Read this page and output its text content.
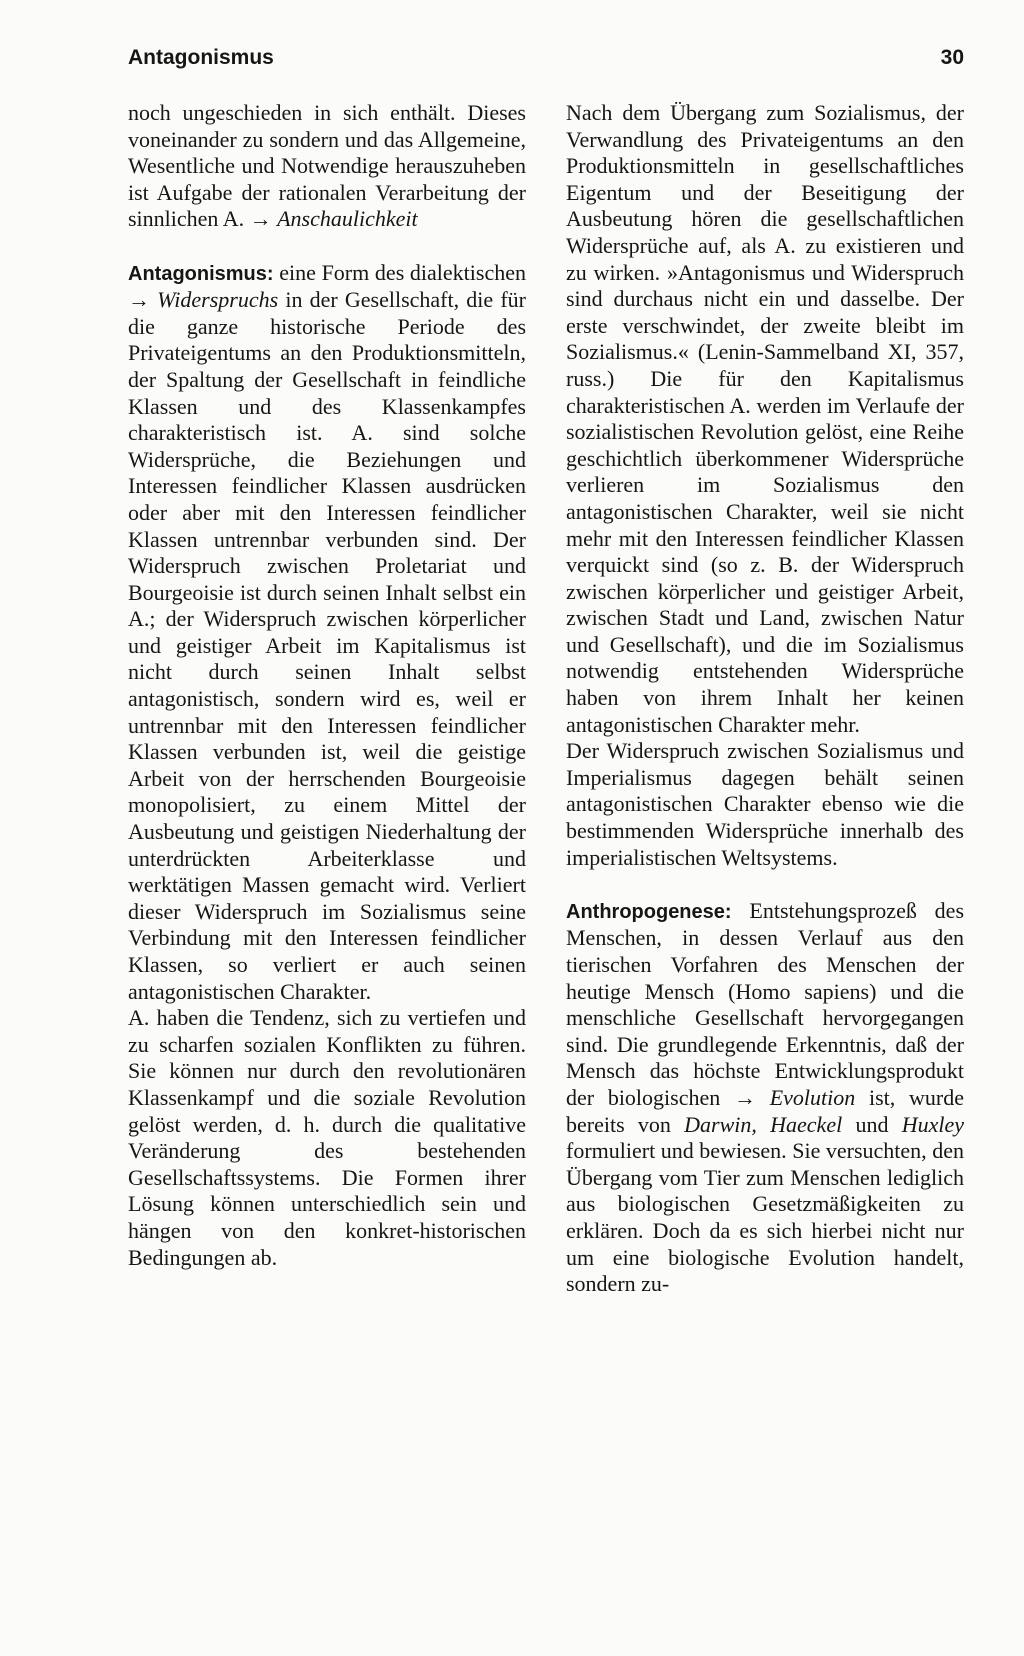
Antagonismus	30

noch ungeschieden in sich enthält. Dieses voneinander zu sondern und das Allgemeine, Wesentliche und Notwendige herauszuheben ist Aufgabe der rationalen Verarbeitung der sinnlichen A. → Anschaulichkeit

Antagonismus: eine Form des dialektischen → Widerspruchs in der Gesellschaft, die für die ganze historische Periode des Privateigentums an den Produktionsmitteln, der Spaltung der Gesellschaft in feindliche Klassen und des Klassenkampfes charakteristisch ist. A. sind solche Widersprüche, die Beziehungen und Interessen feindlicher Klassen ausdrücken oder aber mit den Interessen feindlicher Klassen untrennbar verbunden sind. Der Widerspruch zwischen Proletariat und Bourgeoisie ist durch seinen Inhalt selbst ein A.; der Widerspruch zwischen körperlicher und geistiger Arbeit im Kapitalismus ist nicht durch seinen Inhalt selbst antagonistisch, sondern wird es, weil er untrennbar mit den Interessen feindlicher Klassen verbunden ist, weil die geistige Arbeit von der herrschenden Bourgeoisie monopolisiert, zu einem Mittel der Ausbeutung und geistigen Niederhaltung der unterdrückten Arbeiterklasse und werktätigen Massen gemacht wird. Verliert dieser Widerspruch im Sozialismus seine Verbindung mit den Interessen feindlicher Klassen, so verliert er auch seinen antagonistischen Charakter.

A. haben die Tendenz, sich zu vertiefen und zu scharfen sozialen Konflikten zu führen. Sie können nur durch den revolutionären Klassenkampf und die soziale Revolution gelöst werden, d. h. durch die qualitative Veränderung des bestehenden Gesellschaftssystems. Die Formen ihrer Lösung können unterschiedlich sein und hängen von den konkret-historischen Bedingungen ab.

Nach dem Übergang zum Sozialismus, der Verwandlung des Privateigentums an den Produktionsmitteln in gesellschaftliches Eigentum und der Beseitigung der Ausbeutung hören die gesellschaftlichen Widersprüche auf, als A. zu existieren und zu wirken. »Antagonismus und Widerspruch sind durchaus nicht ein und dasselbe. Der erste verschwindet, der zweite bleibt im Sozialismus.« (Lenin-Sammelband XI, 357, russ.) Die für den Kapitalismus charakteristischen A. werden im Verlaufe der sozialistischen Revolution gelöst, eine Reihe geschichtlich überkommener Widersprüche verlieren im Sozialismus den antagonistischen Charakter, weil sie nicht mehr mit den Interessen feindlicher Klassen verquickt sind (so z. B. der Widerspruch zwischen körperlicher und geistiger Arbeit, zwischen Stadt und Land, zwischen Natur und Gesellschaft), und die im Sozialismus notwendig entstehenden Widersprüche haben von ihrem Inhalt her keinen antagonistischen Charakter mehr.

Der Widerspruch zwischen Sozialismus und Imperialismus dagegen behält seinen antagonistischen Charakter ebenso wie die bestimmenden Widersprüche innerhalb des imperialistischen Weltsystems.

Anthropogenese: Entstehungsprozeß des Menschen, in dessen Verlauf aus den tierischen Vorfahren des Menschen der heutige Mensch (Homo sapiens) und die menschliche Gesellschaft hervorgegangen sind. Die grundlegende Erkenntnis, daß der Mensch das höchste Entwicklungsprodukt der biologischen → Evolution ist, wurde bereits von Darwin, Haeckel und Huxley formuliert und bewiesen. Sie versuchten, den Übergang vom Tier zum Menschen lediglich aus biologischen Gesetzmäßigkeiten zu erklären. Doch da es sich hierbei nicht nur um eine biologische Evolution handelt, sondern zu-
